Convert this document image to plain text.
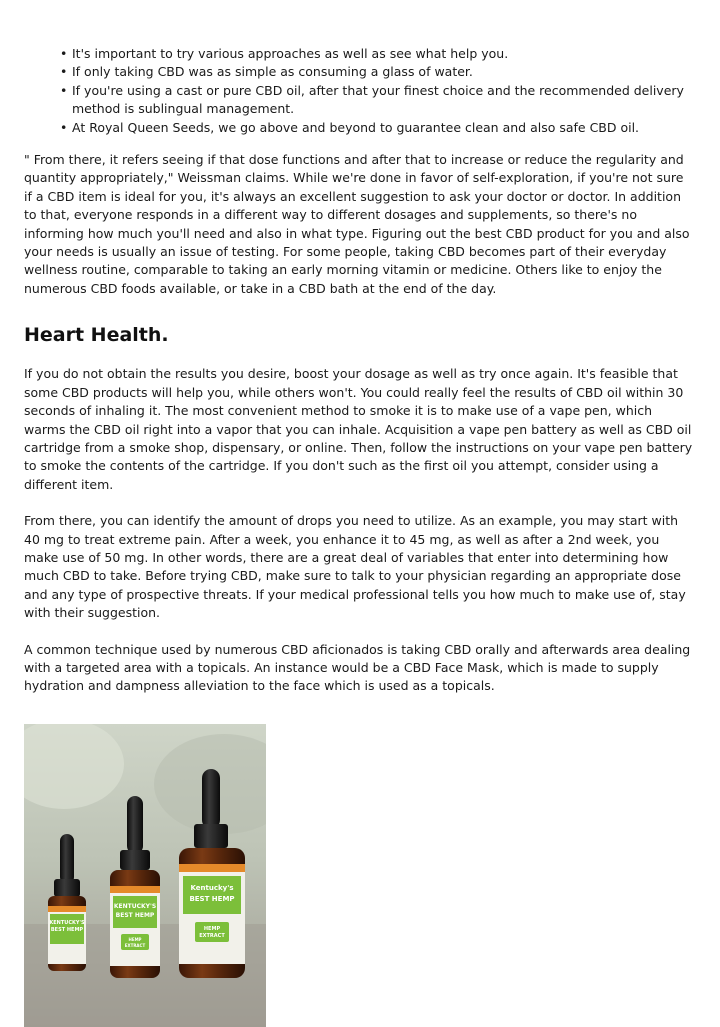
• It's important to try various approaches as well as see what help you.
• If only taking CBD was as simple as consuming a glass of water.
• If you're using a cast or pure CBD oil, after that your finest choice and the recommended delivery method is sublingual management.
• At Royal Queen Seeds, we go above and beyond to guarantee clean and also safe CBD oil.

" From there, it refers seeing if that dose functions and after that to increase or reduce the regularity and quantity appropriately," Weissman claims. While we're done in favor of self-exploration, if you're not sure if a CBD item is ideal for you, it's always an excellent suggestion to ask your doctor or doctor. In addition to that, everyone responds in a different way to different dosages and supplements, so there's no informing how much you'll need and also in what type. Figuring out the best CBD product for you and also your needs is usually an issue of testing. For some people, taking CBD becomes part of their everyday wellness routine, comparable to taking an early morning vitamin or medicine. Others like to enjoy the numerous CBD foods available, or take in a CBD bath at the end of the day.

Heart Health.

If you do not obtain the results you desire, boost your dosage as well as try once again. It's feasible that some CBD products will help you, while others won't. You could really feel the results of CBD oil within 30 seconds of inhaling it. The most convenient method to smoke it is to make use of a vape pen, which warms the CBD oil right into a vapor that you can inhale. Acquisition a vape pen battery as well as CBD oil cartridge from a smoke shop, dispensary, or online. Then, follow the instructions on your vape pen battery to smoke the contents of the cartridge. If you don't such as the first oil you attempt, consider using a different item.

From there, you can identify the amount of drops you need to utilize. As an example, you may start with 40 mg to treat extreme pain. After a week, you enhance it to 45 mg, as well as after a 2nd week, you make use of 50 mg. In other words, there are a great deal of variables that enter into determining how much CBD to take. Before trying CBD, make sure to talk to your physician regarding an appropriate dose and any type of prospective threats. If your medical professional tells you how much to make use of, stay with their suggestion.

A common technique used by numerous CBD aficionados is taking CBD orally and afterwards area dealing with a targeted area with a topicals. An instance would be a CBD Face Mask, which is made to supply hydration and dampness alleviation to the face which is used as a topicals.

KENTUCKY'S
BEST HEMP
KENTUCKY'S
BEST HEMP
HEMP
EXTRACT
Kentucky's
BEST HEMP
HEMP
EXTRACT
